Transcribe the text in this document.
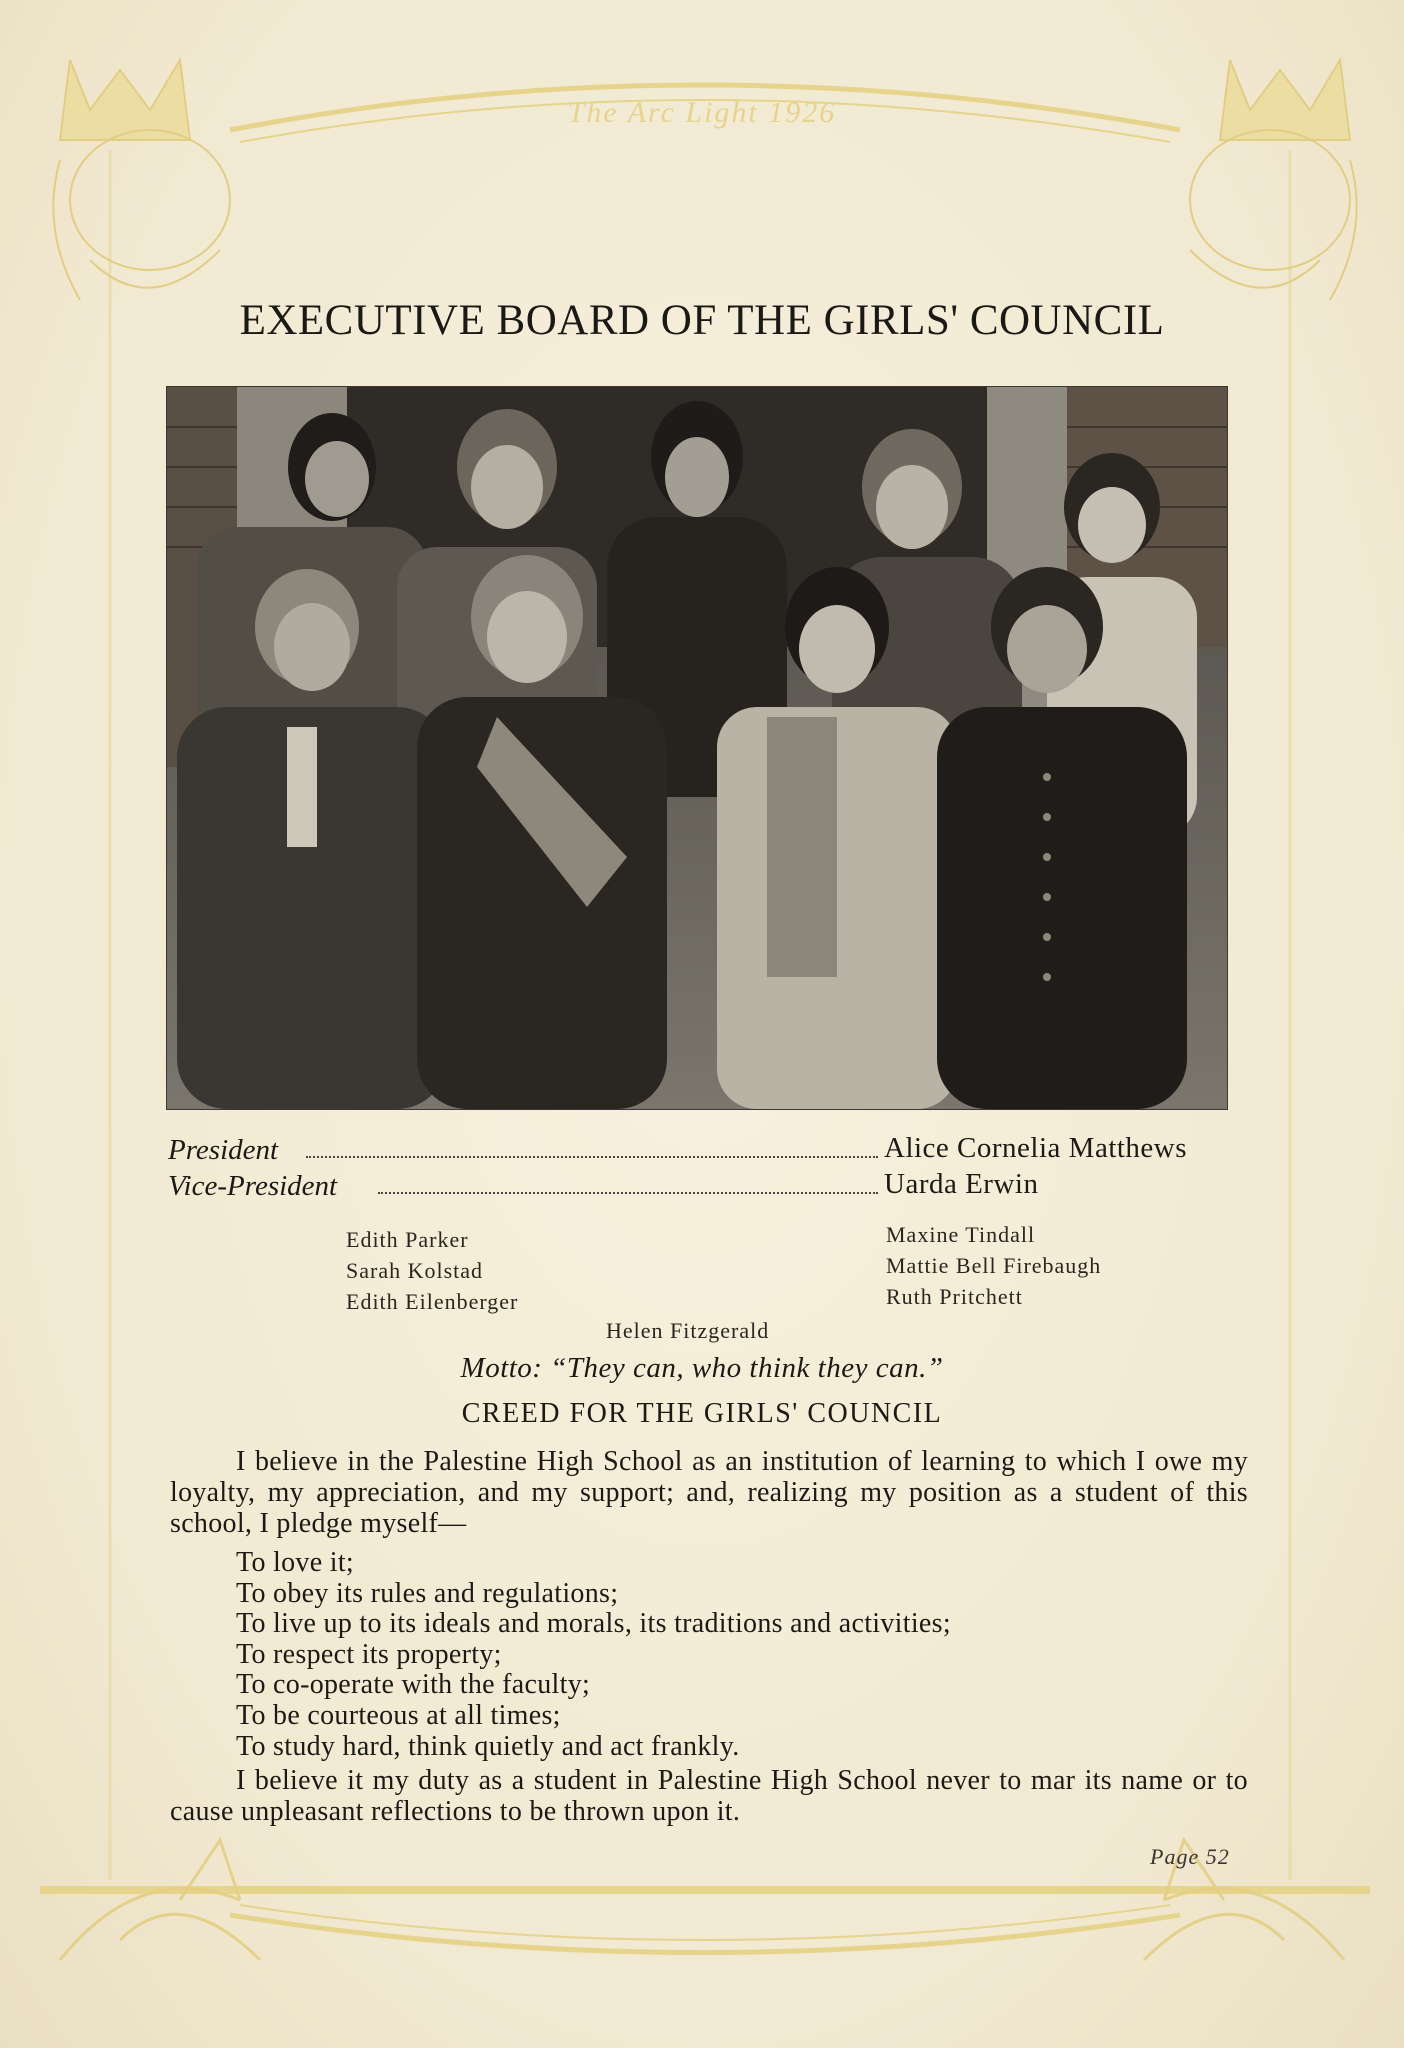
The Arc Light 1926
EXECUTIVE BOARD OF THE GIRLS' COUNCIL
President	Alice Cornelia Matthews
Vice-President	Uarda Erwin
Edith Parker
Sarah Kolstad
Edith Eilenberger
Maxine Tindall
Mattie Bell Firebaugh
Ruth Pritchett
Helen Fitzgerald
Motto: “They can, who think they can.”
CREED FOR THE GIRLS' COUNCIL
I believe in the Palestine High School as an institution of learning to which I owe my loyalty, my appreciation, and my support; and, realizing my position as a student of this school, I pledge myself—
To love it;
To obey its rules and regulations;
To live up to its ideals and morals, its traditions and activities;
To respect its property;
To co-operate with the faculty;
To be courteous at all times;
To study hard, think quietly and act frankly.
I believe it my duty as a student in Palestine High School never to mar its name or to cause unpleasant reflections to be thrown upon it.
Page 52
